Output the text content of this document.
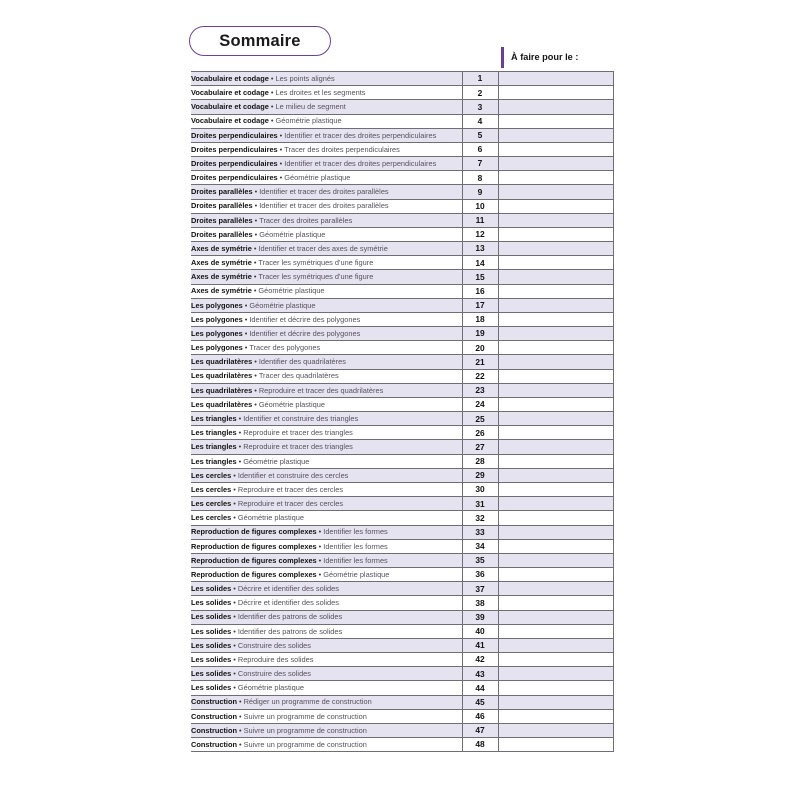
Sommaire
À faire pour le :
Vocabulaire et codage • Les points alignés	1	
Vocabulaire et codage • Les droites et les segments	2	
Vocabulaire et codage • Le milieu de segment	3	
Vocabulaire et codage • Géométrie plastique	4	
Droites perpendiculaires • Identifier et tracer des droites perpendiculaires	5	
Droites perpendiculaires • Tracer des droites perpendiculaires	6	
Droites perpendiculaires • Identifier et tracer des droites perpendiculaires	7	
Droites perpendiculaires • Géométrie plastique	8	
Droites parallèles • Identifier et tracer des droites parallèles	9	
Droites parallèles • Identifier et tracer des droites parallèles	10	
Droites parallèles • Tracer des droites parallèles	11	
Droites parallèles • Géométrie plastique	12	
Axes de symétrie • Identifier et tracer des axes de symétrie	13	
Axes de symétrie • Tracer les symétriques d'une figure	14	
Axes de symétrie • Tracer les symétriques d'une figure	15	
Axes de symétrie • Géométrie plastique	16	
Les polygones • Géométrie plastique	17	
Les polygones • Identifier et décrire des polygones	18	
Les polygones • Identifier et décrire des polygones	19	
Les polygones • Tracer des polygones	20	
Les quadrilatères • Identifier des quadrilatères	21	
Les quadrilatères • Tracer des quadrilatères	22	
Les quadrilatères • Reproduire et tracer des quadrilatères	23	
Les quadrilatères • Géométrie plastique	24	
Les triangles • Identifier et construire des triangles	25	
Les triangles • Reproduire et tracer des triangles	26	
Les triangles • Reproduire et tracer des triangles	27	
Les triangles • Géométrie plastique	28	
Les cercles • Identifier et construire des cercles	29	
Les cercles • Reproduire et tracer des cercles	30	
Les cercles • Reproduire et tracer des cercles	31	
Les cercles • Géométrie plastique	32	
Reproduction de figures complexes • Identifier les formes	33	
Reproduction de figures complexes • Identifier les formes	34	
Reproduction de figures complexes • Identifier les formes	35	
Reproduction de figures complexes • Géométrie plastique	36	
Les solides • Décrire et identifier des solides	37	
Les solides • Décrire et identifier des solides	38	
Les solides • Identifier des patrons de solides	39	
Les solides • Identifier des patrons de solides	40	
Les solides • Construire des solides	41	
Les solides • Reproduire des solides	42	
Les solides • Construire des solides	43	
Les solides • Géométrie plastique	44	
Construction • Rédiger un programme de construction	45	
Construction • Suivre un programme de construction	46	
Construction • Suivre un programme de construction	47	
Construction • Suivre un programme de construction	48	
